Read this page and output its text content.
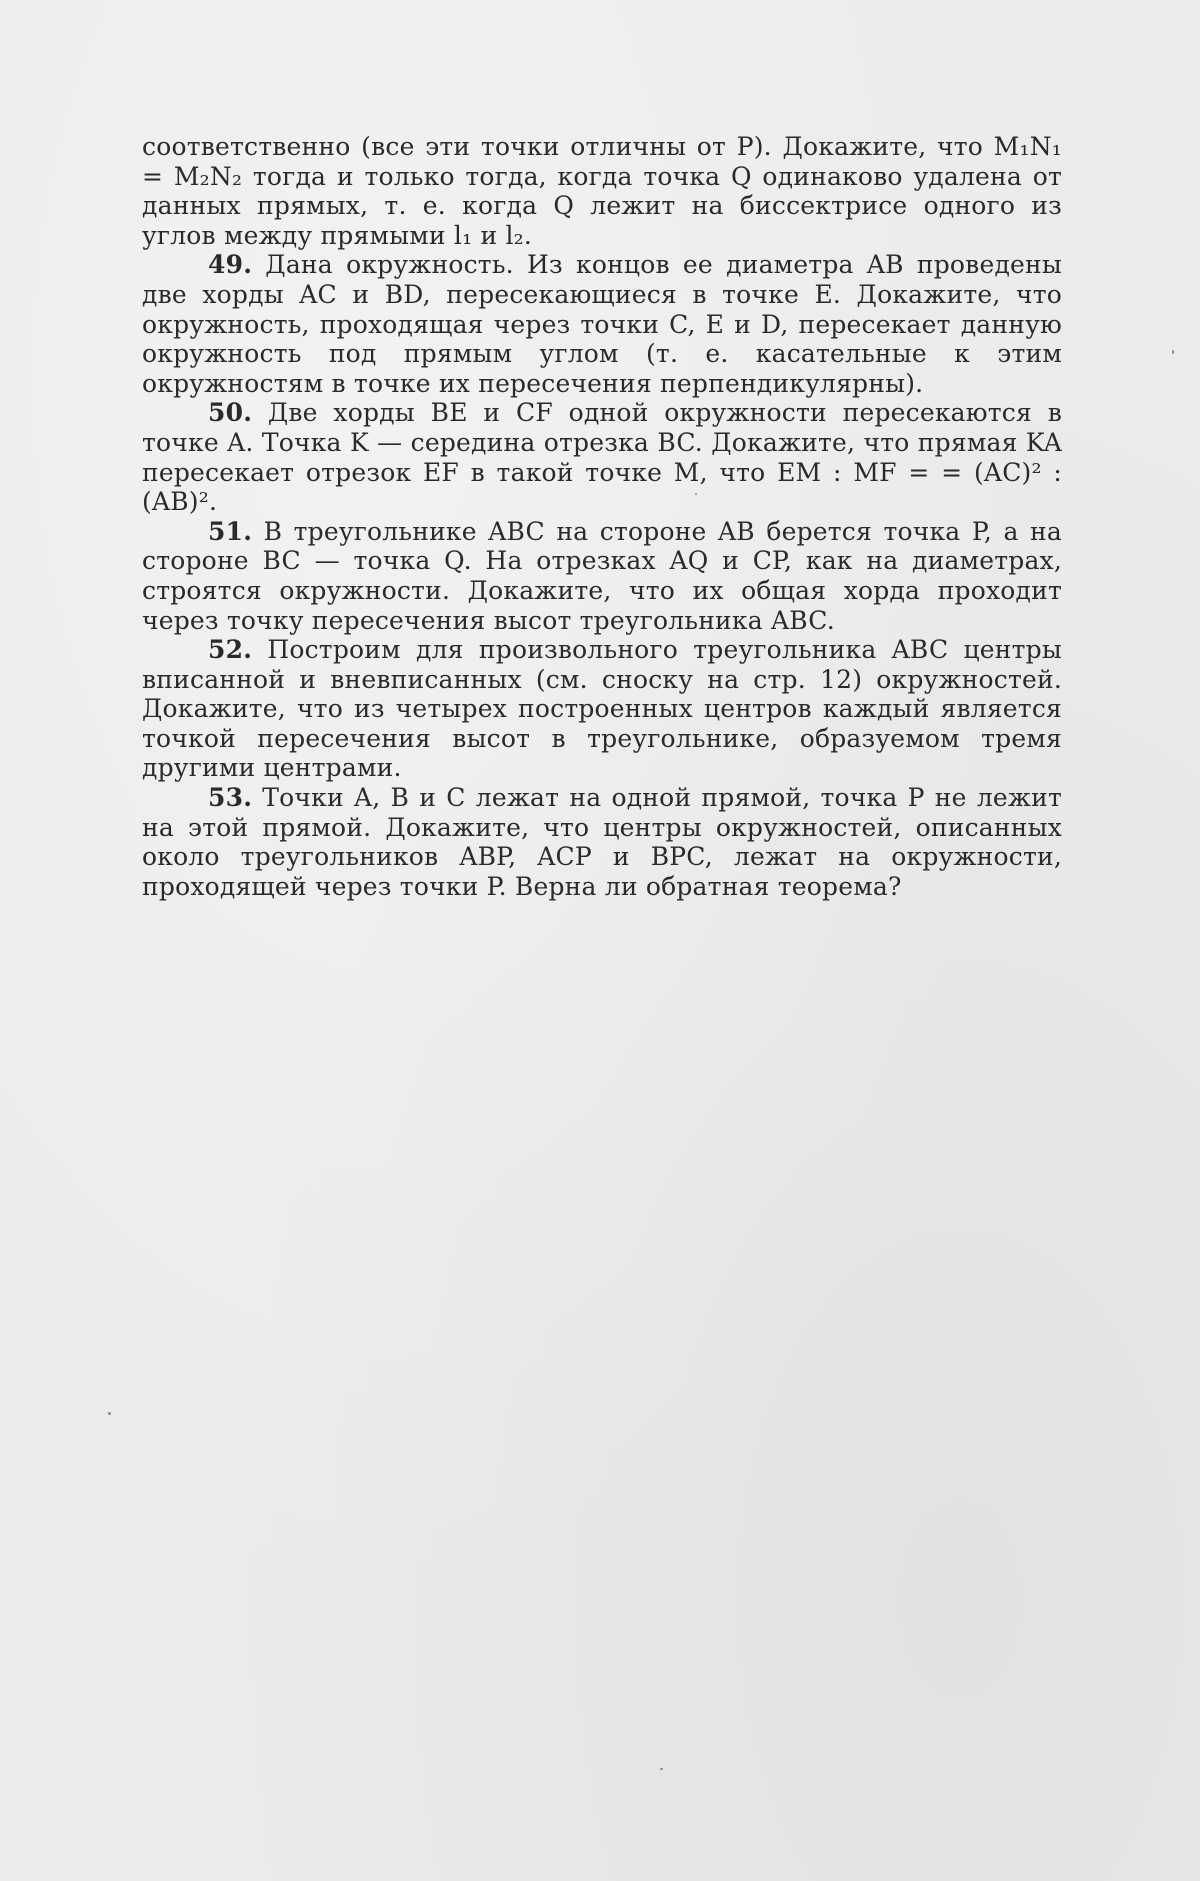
соответственно (все эти точки отличны от P). Докажите, что M₁N₁ = M₂N₂ тогда и только тогда, когда точка Q одинаково удалена от данных прямых, т. е. когда Q лежит на биссектрисе одного из углов между прямыми l₁ и l₂.

49. Дана окружность. Из концов ее диаметра AB проведены две хорды AC и BD, пересекающиеся в точке E. Докажите, что окружность, проходящая через точки C, E и D, пересекает данную окружность под прямым углом (т. е. касательные к этим окружностям в точке их пересечения перпендикулярны).

50. Две хорды BE и CF одной окружности пересекаются в точке A. Точка K — середина отрезка BC. Докажите, что прямая KA пересекает отрезок EF в такой точке M, что EM : MF = = (AC)² : (AB)².

51. В треугольнике ABC на стороне AB берется точка P, а на стороне BC — точка Q. На отрезках AQ и CP, как на диаметрах, строятся окружности. Докажите, что их общая хорда проходит через точку пересечения высот треугольника ABC.

52. Построим для произвольного треугольника ABC центры вписанной и вневписанных (см. сноску на стр. 12) окружностей. Докажите, что из четырех построенных центров каждый является точкой пересечения высот в треугольнике, образуемом тремя другими центрами.

53. Точки A, B и C лежат на одной прямой, точка P не лежит на этой прямой. Докажите, что центры окружностей, описанных около треугольников ABP, ACP и BPC, лежат на окружности, проходящей через точки P. Верна ли обратная теорема?
